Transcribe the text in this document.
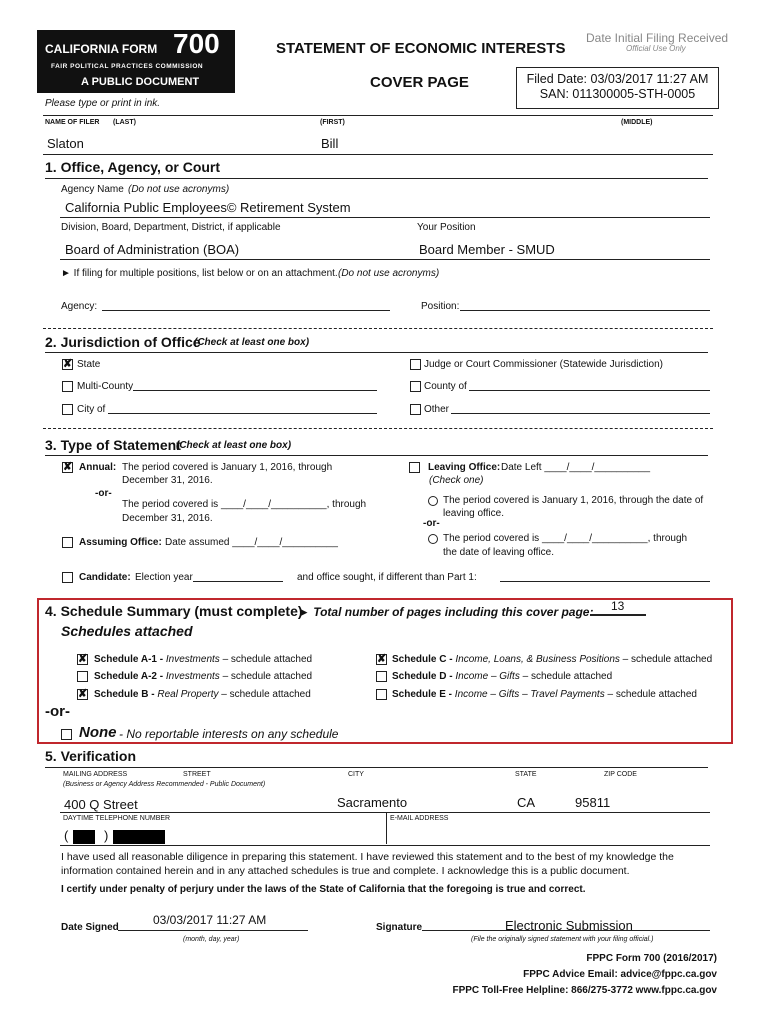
CALIFORNIA FORM 700
FAIR POLITICAL PRACTICES COMMISSION
A PUBLIC DOCUMENT
STATEMENT OF ECONOMIC INTERESTS
COVER PAGE
Date Initial Filing Received
Official Use Only
Filed Date: 03/03/2017 11:27 AM
SAN: 011300005-STH-0005
Please type or print in ink.
NAME OF FILER (LAST)	(FIRST)	(MIDDLE)
Slaton	Bill
1. Office, Agency, or Court
Agency Name (Do not use acronyms)
California Public Employees© Retirement System
Division, Board, Department, District, if applicable	Your Position
Board of Administration (BOA)	Board Member - SMUD
► If filing for multiple positions, list below or on an attachment. (Do not use acronyms)
Agency:	Position:
2. Jurisdiction of Office
(Check at least one box)
✘ State	Judge or Court Commissioner (Statewide Jurisdiction)
Multi-County	County of
City of	Other
3. Type of Statement
(Check at least one box)
✘ Annual: The period covered is January 1, 2016, through
December 31, 2016.
-or-
The period covered is ____/____/__________, through
December 31, 2016.
Assuming Office: Date assumed ____/____/__________
Leaving Office: Date Left ____/____/__________
(Check one)
The period covered is January 1, 2016, through the date of
leaving office.
-or-
The period covered is ____/____/__________, through
the date of leaving office.
Candidate: Election year	and office sought, if different than Part 1:
4. Schedule Summary (must complete)
► Total number of pages including this cover page: 13
Schedules attached
✘ Schedule A-1 - Investments – schedule attached
Schedule A-2 - Investments – schedule attached
✘ Schedule B - Real Property – schedule attached
✘ Schedule C - Income, Loans, & Business Positions – schedule attached
Schedule D - Income – Gifts – schedule attached
Schedule E - Income – Gifts – Travel Payments – schedule attached
-or-
None - No reportable interests on any schedule
5. Verification
MAILING ADDRESS	STREET	CITY	STATE	ZIP CODE
(Business or Agency Address Recommended - Public Document)
400 Q Street	Sacramento	CA	95811
DAYTIME TELEPHONE NUMBER	E-MAIL ADDRESS
(	)
I have used all reasonable diligence in preparing this statement. I have reviewed this statement and to the best of my knowledge the information contained herein and in any attached schedules is true and complete. I acknowledge this is a public document.
I certify under penalty of perjury under the laws of the State of California that the foregoing is true and correct.
Date Signed
03/03/2017 11:27 AM
(month, day, year)
Signature	Electronic Submission
(File the originally signed statement with your filing official.)
FPPC Form 700 (2016/2017)
FPPC Advice Email: advice@fppc.ca.gov
FPPC Toll-Free Helpline: 866/275-3772 www.fppc.ca.gov
